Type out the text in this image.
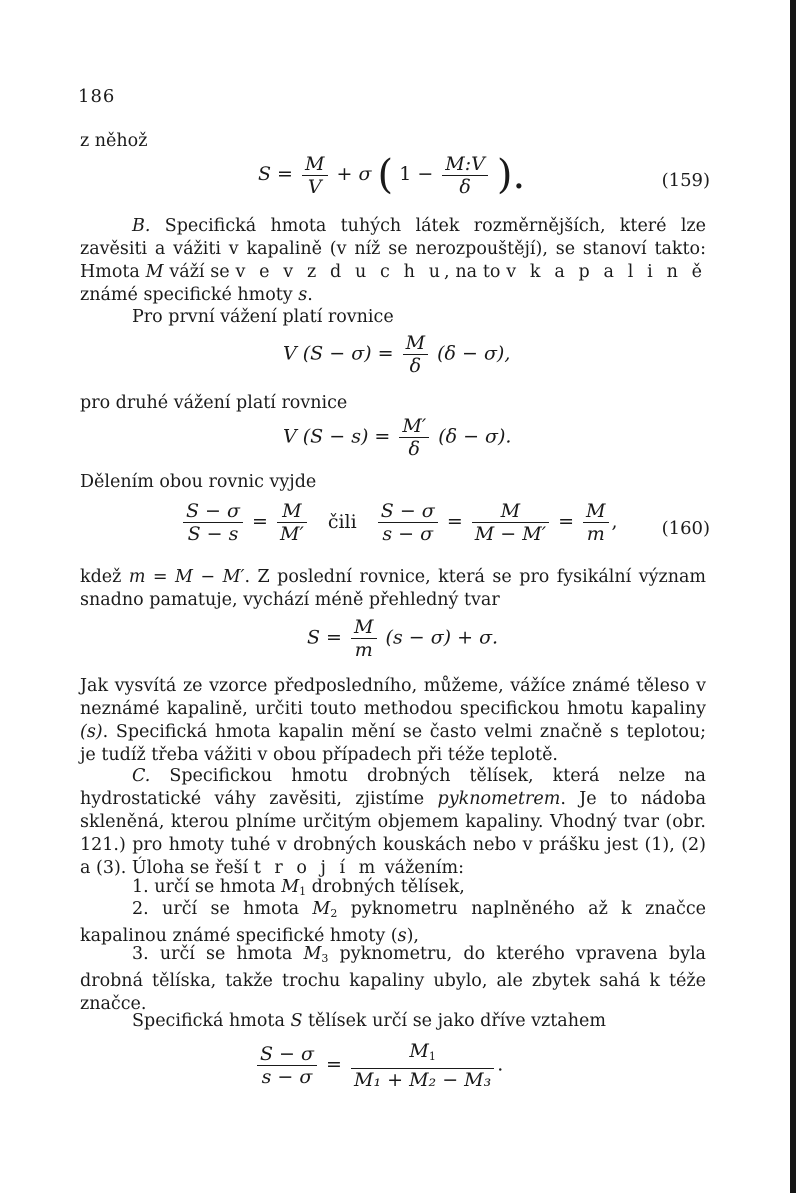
186

z něhož

$S = \frac{M}{V} + \sigma$ ( $1 - \frac{M:V}{\delta}$ ).	(159)

B. Specifická hmota tuhých látek rozměrnějších, které lze zavěsiti a vážiti v kapalině (v níž se nerozpouštějí), se stanoví takto: Hmota M váží se v e v z d u c h u, na to v k a p a l i n ě známé specifické hmoty s.

Pro první vážení platí rovnice

V $(S - \sigma) = \frac{M}{\delta} (\delta - \sigma)$,

pro druhé vážení platí rovnice

V $(S - s) = \frac{M'}{\delta} (\delta - \sigma)$.

Dělením obou rovnic vyjde

$\frac{S - \sigma}{S - s} = \frac{M}{M'}$ čili $\frac{S - \sigma}{s - \sigma} = \frac{M}{M - M'} = \frac{M}{m}$ , (160)

kdež m = M − M′. Z poslední rovnice, která se pro fysikální význam snadno pamatuje, vychází méně přehledný tvar

$S = \frac{M}{m} (s - \sigma) + \sigma$.

Jak vysvítá ze vzorce předposledního, můžeme, vážíce známé těleso v neznámé kapalině, určiti touto methodou specifickou hmotu kapaliny (s). Specifická hmota kapalin mění se často velmi značně s teplotou; je tudíž třeba vážiti v obou případech při téže teplotě.

C. Specifickou hmotu drobných tělísek, která nelze na hydrostatické váhy zavěsiti, zjistíme pyknometrem. Je to nádoba skleněná, kterou plníme určitým objemem kapaliny. Vhodný tvar (obr. 121.) pro hmoty tuhé v drobných kouskách nebo v prášku jest (1), (2) a (3). Úloha se řeší t r o j í m vážením:

1. určí se hmota $M_1$ drobných tělísek,

2. určí se hmota $M_2$ pyknometru naplněného až k značce kapalinou známé specifické hmoty (s),

3. určí se hmota $M_3$ pyknometru, do kterého vpravena byla drobná tělíska, takže trochu kapaliny ubylo, ale zbytek sahá k téže značce.

Specifická hmota S tělísek určí se jako dříve vztahem

$\frac{S - \sigma}{s - \sigma} = \frac{M_1}{\text{M₁ + M₂ − M₃}}$ .
